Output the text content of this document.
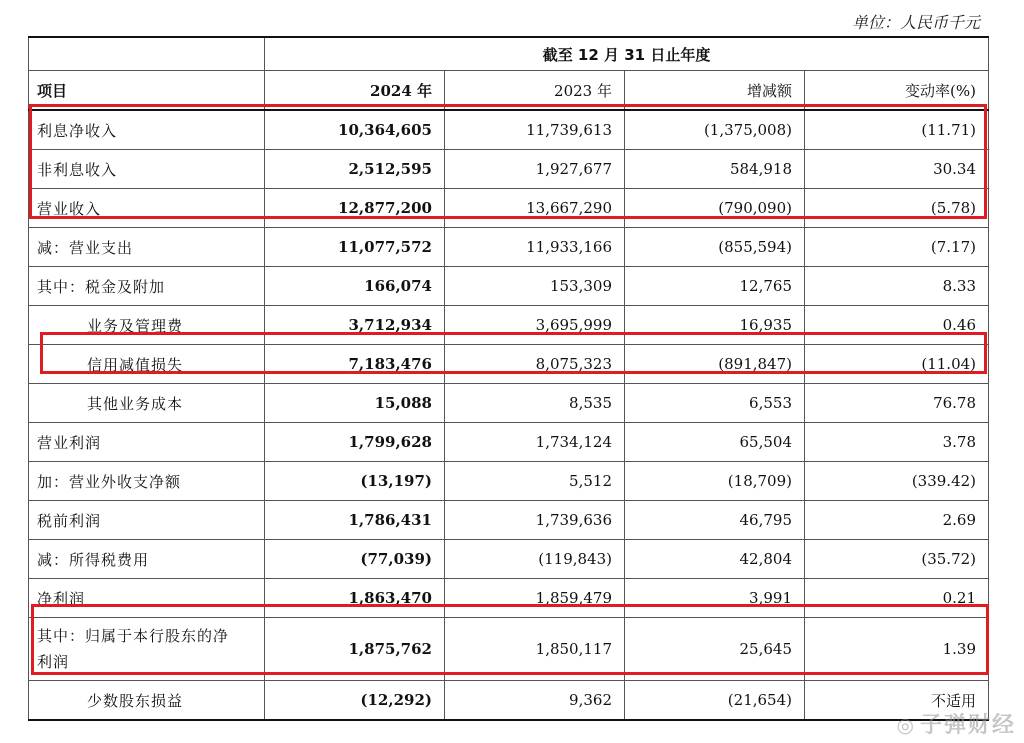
单位：人民币千元
	截至 12 月 31 日止年度			
项目	2024 年	2023 年	增减额	变动率(%)
利息净收入	10,364,605	11,739,613	(1,375,008)	(11.71)
非利息收入	2,512,595	1,927,677	584,918	30.34
营业收入	12,877,200	13,667,290	(790,090)	(5.78)
减：营业支出	11,077,572	11,933,166	(855,594)	(7.17)
其中：税金及附加	166,074	153,309	12,765	8.33
业务及管理费	3,712,934	3,695,999	16,935	0.46
信用减值损失	7,183,476	8,075,323	(891,847)	(11.04)
其他业务成本	15,088	8,535	6,553	76.78
营业利润	1,799,628	1,734,124	65,504	3.78
加：营业外收支净额	(13,197)	5,512	(18,709)	(339.42)
税前利润	1,786,431	1,739,636	46,795	2.69
减：所得税费用	(77,039)	(119,843)	42,804	(35.72)
净利润	1,863,470	1,859,479	3,991	0.21
其中：归属于本行股东的净
利润	1,875,762	1,850,117	25,645	1.39
少数股东损益	(12,292)	9,362	(21,654)	不适用
◎ 子弹财经
